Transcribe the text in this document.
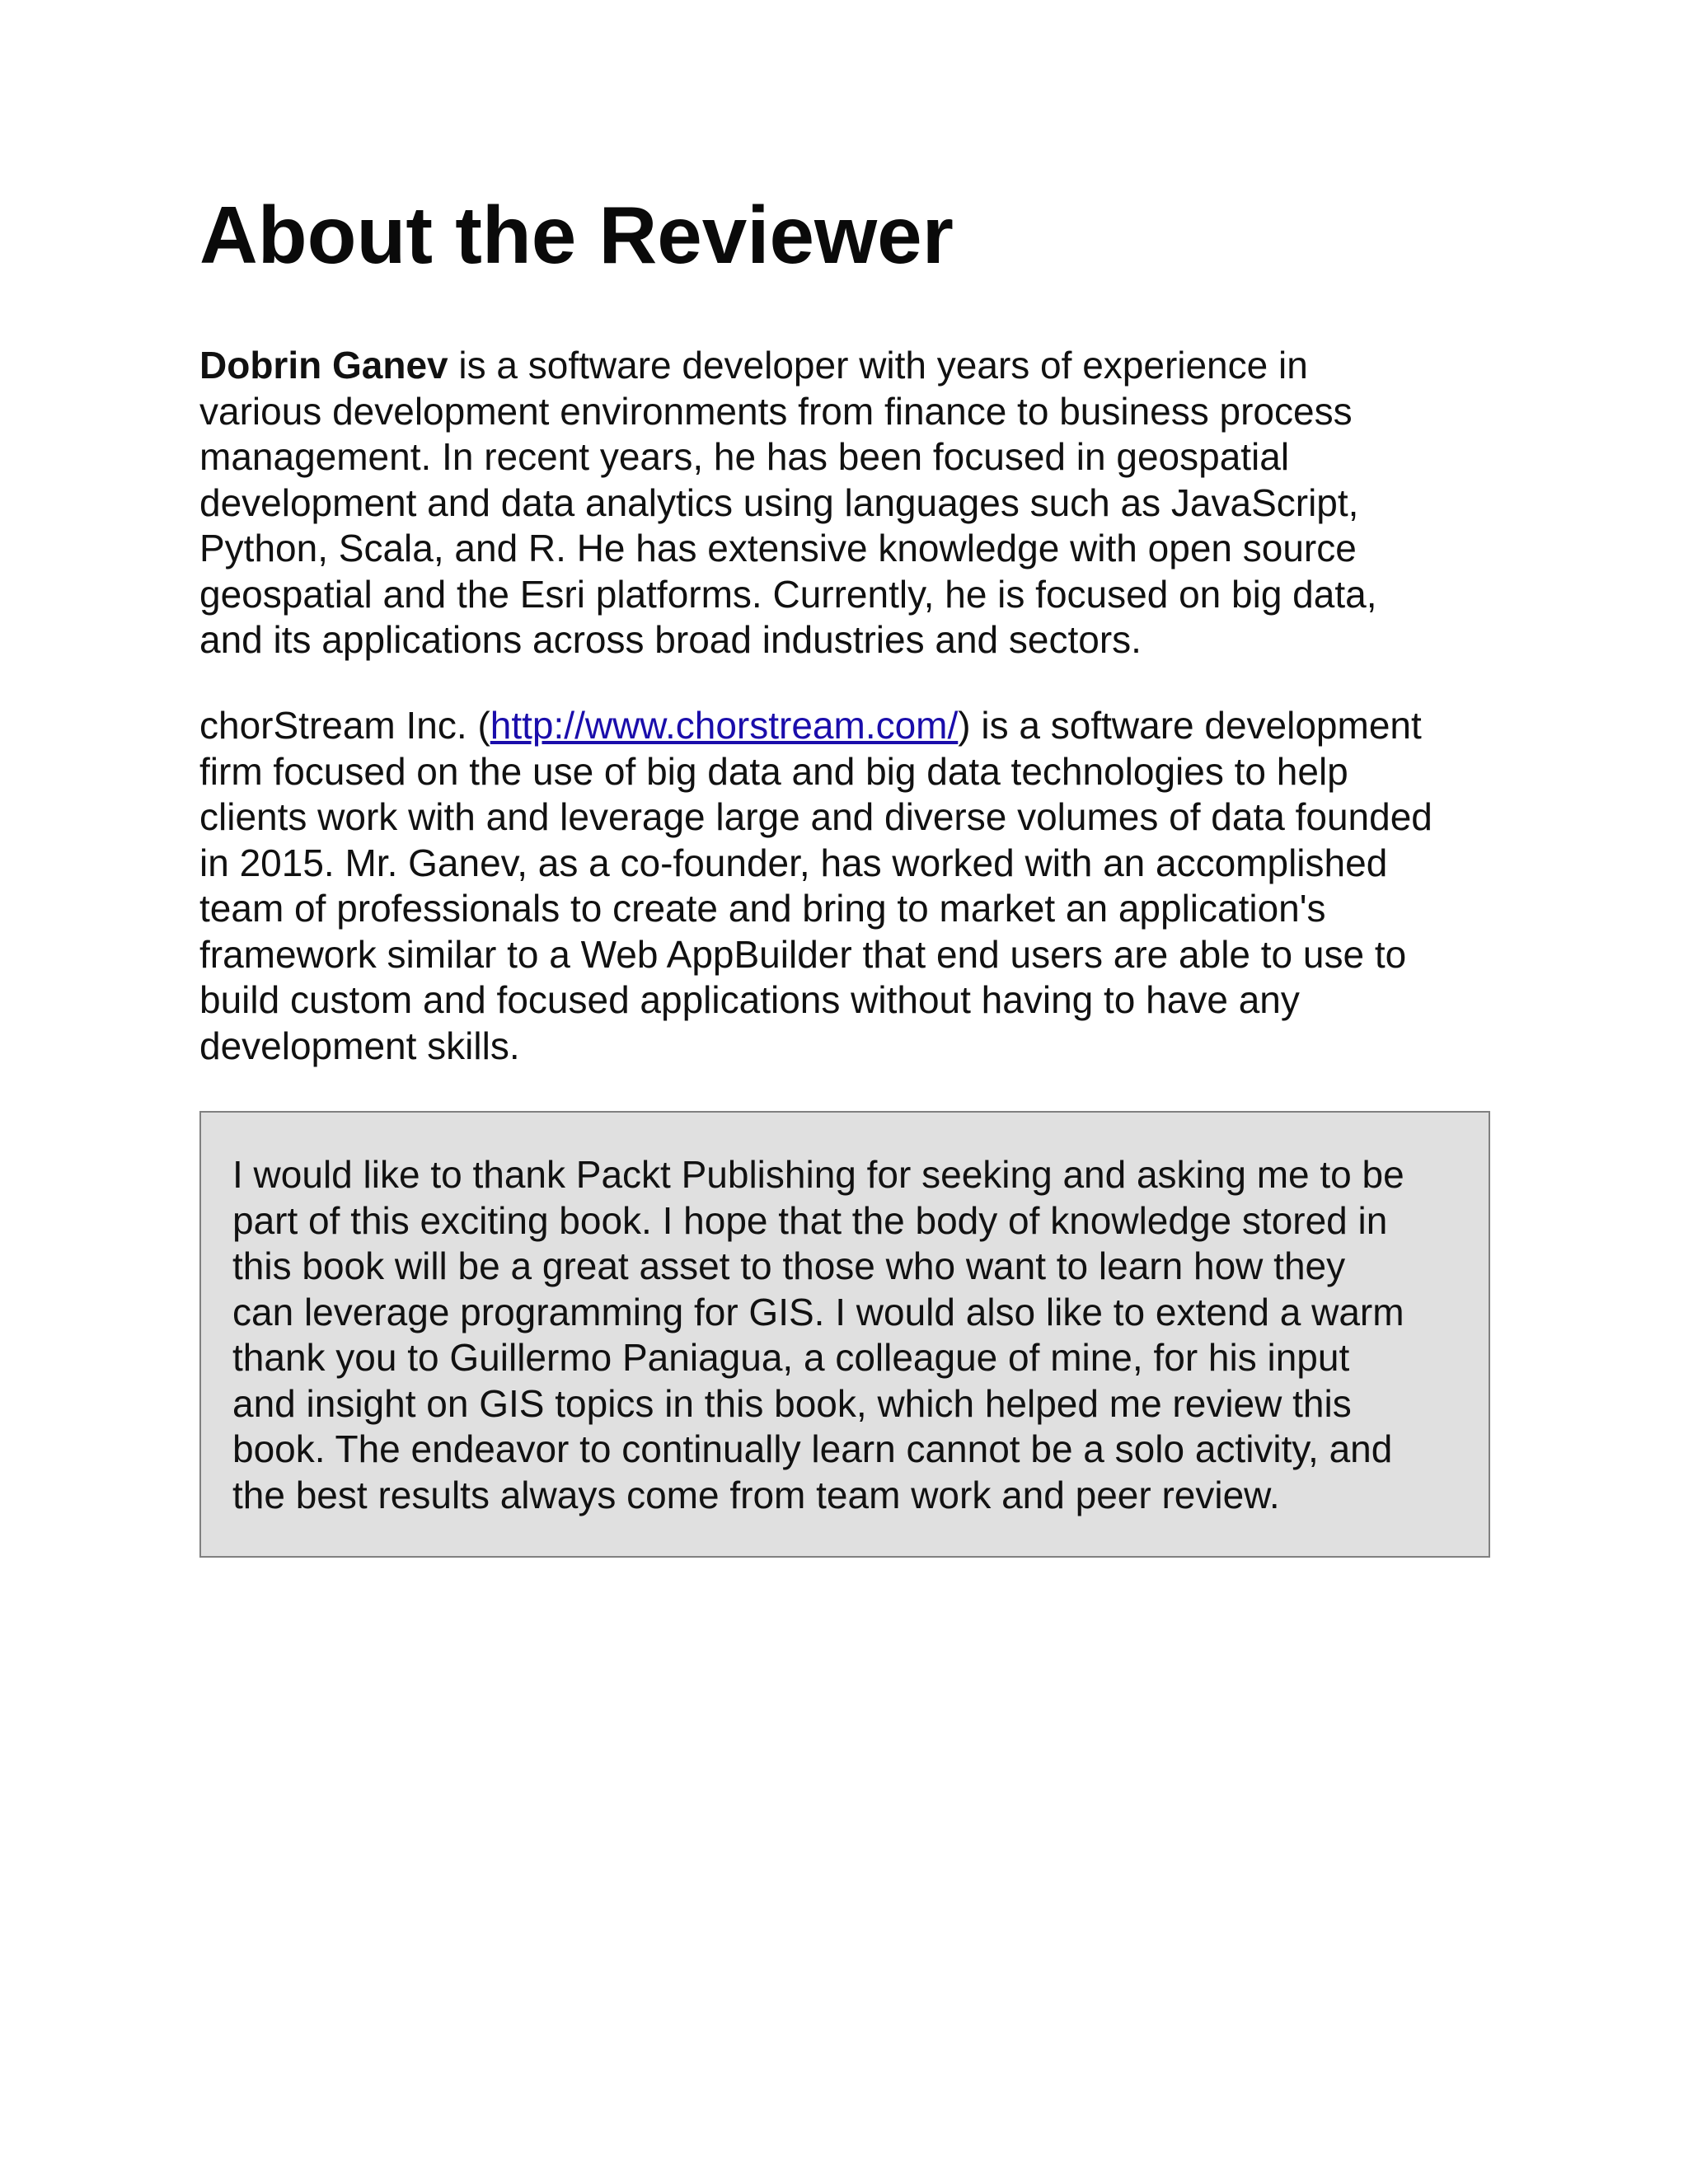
About the Reviewer

Dobrin Ganev is a software developer with years of experience in
various development environments from finance to business process
management. In recent years, he has been focused in geospatial
development and data analytics using languages such as JavaScript,
Python, Scala, and R. He has extensive knowledge with open source
geospatial and the Esri platforms. Currently, he is focused on big data,
and its applications across broad industries and sectors.

chorStream Inc. (http://www.chorstream.com/) is a software development
firm focused on the use of big data and big data technologies to help
clients work with and leverage large and diverse volumes of data founded
in 2015. Mr. Ganev, as a co-founder, has worked with an accomplished
team of professionals to create and bring to market an application's
framework similar to a Web AppBuilder that end users are able to use to
build custom and focused applications without having to have any
development skills.

I would like to thank Packt Publishing for seeking and asking me to be
part of this exciting book. I hope that the body of knowledge stored in
this book will be a great asset to those who want to learn how they
can leverage programming for GIS. I would also like to extend a warm
thank you to Guillermo Paniagua, a colleague of mine, for his input
and insight on GIS topics in this book, which helped me review this
book. The endeavor to continually learn cannot be a solo activity, and
the best results always come from team work and peer review.
